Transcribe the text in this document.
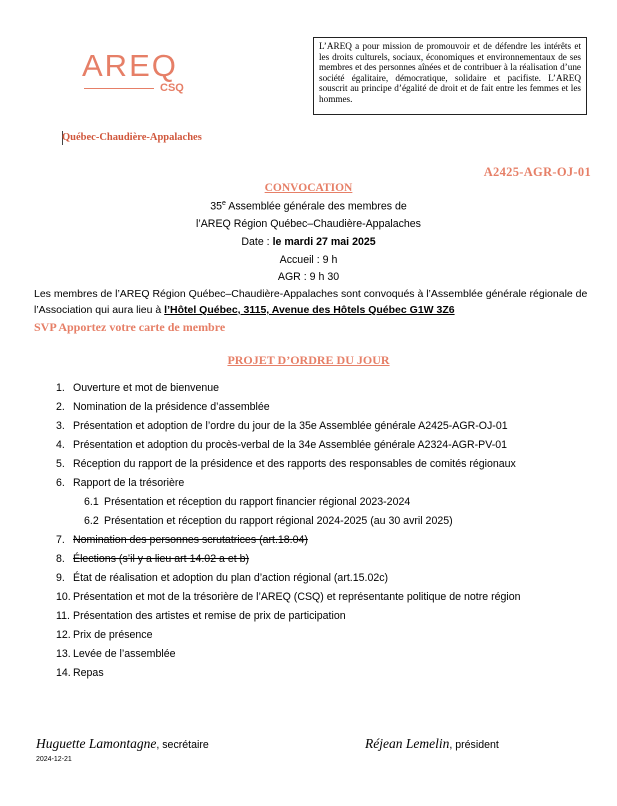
AREQ
CSQ
L’AREQ a pour mission de promouvoir et de défendre les intérêts et les droits culturels, sociaux, économiques et environnementaux de ses membres et des personnes aînées et de contribuer à la réalisation d’une société égalitaire, démocratique, solidaire et pacifiste. L’AREQ souscrit au principe d’égalité de droit et de fait entre les femmes et les hommes.
Québec-Chaudière-Appalaches
A2425-AGR-OJ-01
CONVOCATION
35e Assemblée générale des membres de
l’AREQ Région Québec–Chaudière-Appalaches
Date : le mardi 27 mai 2025
Accueil : 9 h
AGR : 9 h 30
Les membres de l’AREQ Région Québec–Chaudière-Appalaches sont convoqués à l’Assemblée générale régionale de l’Association qui aura lieu à l’Hôtel Québec, 3115, Avenue des Hôtels Québec G1W 3Z6
SVP Apportez votre carte de membre
PROJET D’ORDRE DU JOUR
1. Ouverture et mot de bienvenue
2. Nomination de la présidence d’assemblée
3. Présentation et adoption de l’ordre du jour de la 35e Assemblée générale A2425-AGR-OJ-01
4. Présentation et adoption du procès-verbal de la 34e Assemblée générale A2324-AGR-PV-01
5. Réception du rapport de la présidence et des rapports des responsables de comités régionaux
6. Rapport de la trésorière
6.1 Présentation et réception du rapport financier régional 2023-2024
6.2 Présentation et réception du rapport régional 2024-2025 (au 30 avril 2025)
7. Nomination des personnes scrutatrices (art.18.04)
8. Élections (s’il y a lieu art 14.02 a et b)
9. État de réalisation et adoption du plan d’action régional (art.15.02c)
10. Présentation et mot de la trésorière de l’AREQ (CSQ) et représentante politique de notre région
11. Présentation des artistes et remise de prix de participation
12. Prix de présence
13. Levée de l’assemblée
14. Repas
Huguette Lamontagne, secrétaire	Réjean Lemelin, président
2024-12-21
